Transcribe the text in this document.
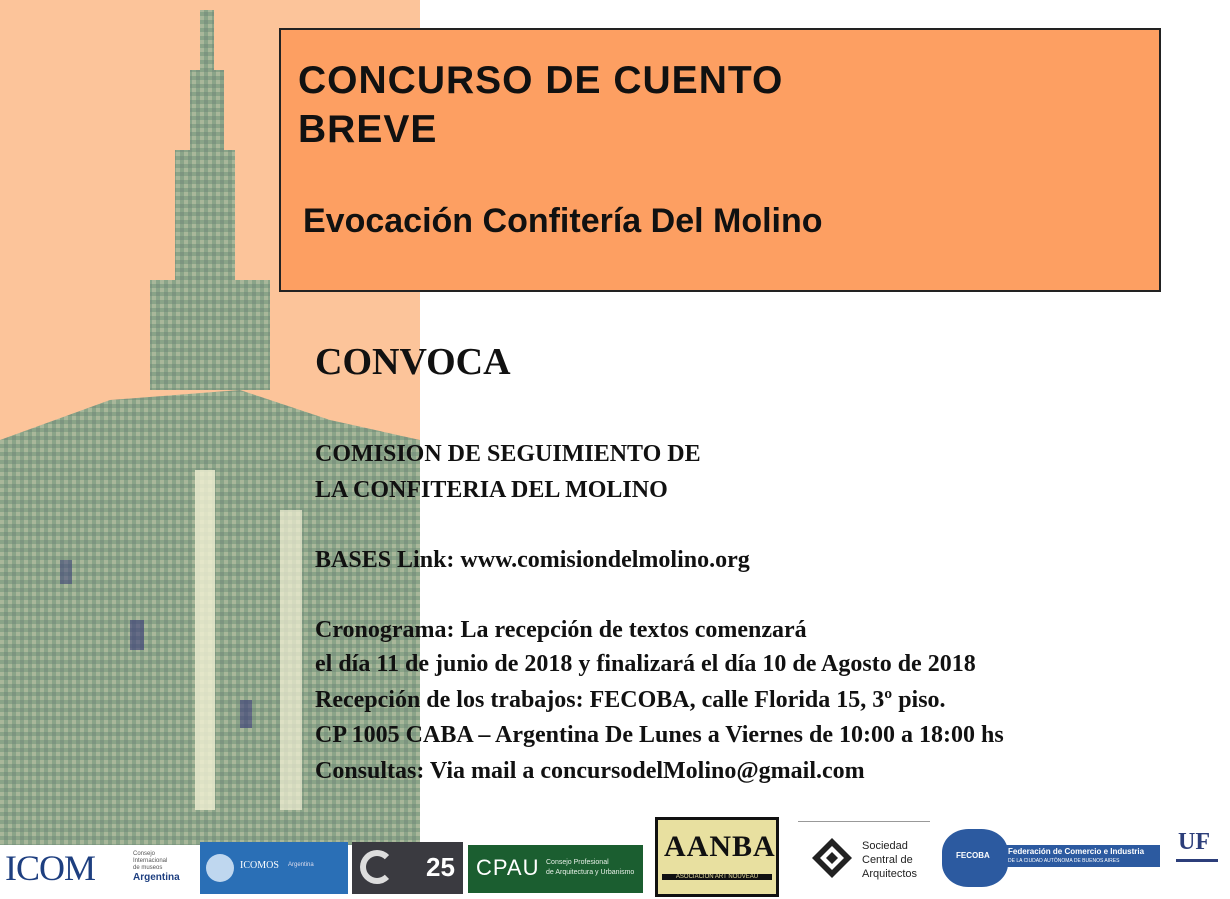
CONCURSO DE CUENTO
BREVE
Evocación Confitería Del Molino
CONVOCA
COMISION DE SEGUIMIENTO DE
LA CONFITERIA DEL MOLINO
BASES Link: www.comisiondelmolino.org
Cronograma: La recepción de textos comenzará
el día 11 de junio de 2018 y finalizará el día 10 de Agosto de 2018
Recepción de los trabajos: FECOBA, calle Florida 15, 3º piso.
CP 1005 CABA – Argentina De Lunes a Viernes de 10:00 a 18:00 hs
Consultas: Via mail a concursodelMolino@gmail.com
ICOM	Consejo
Internacional
de museos
Argentina
ICOMOS Argentina	25 CPAU Consejo Profesional
de Arquitectura y Urbanismo
AANBA
ASOCIACIÓN ART NOUVEAU
Sociedad
Central de
Arquitectos
FECOBA Federación de Comercio e Industria
DE LA CIUDAD AUTÓNOMA DE BUENOS AIRES
UF
